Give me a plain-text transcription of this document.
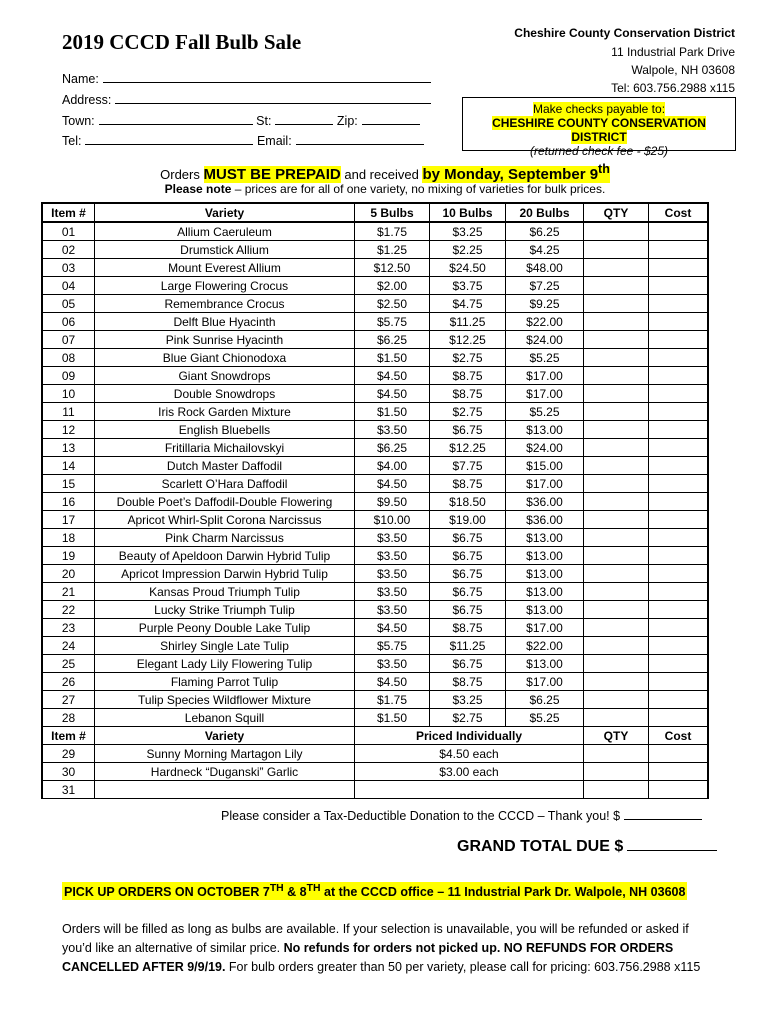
2019 CCCD Fall Bulb Sale	Cheshire County Conservation District
11 Industrial Park Drive
Walpole, NH 03608
Tel: 603.756.2988 x115
Name:
Address:
Town:	St:	Zip:
Tel:	Email:
Make checks payable to:
CHESHIRE COUNTY CONSERVATION DISTRICT
(returned check fee - $25)
Orders MUST BE PREPAID and received by Monday, September 9th
Please note – prices are for all of one variety, no mixing of varieties for bulk prices.
Item #	Variety	5 Bulbs	10 Bulbs	20 Bulbs	QTY	Cost
01	Allium Caeruleum	$1.75	$3.25	$6.25		
02	Drumstick Allium	$1.25	$2.25	$4.25		
03	Mount Everest Allium	$12.50	$24.50	$48.00		
04	Large Flowering Crocus	$2.00	$3.75	$7.25		
05	Remembrance Crocus	$2.50	$4.75	$9.25		
06	Delft Blue Hyacinth	$5.75	$11.25	$22.00		
07	Pink Sunrise Hyacinth	$6.25	$12.25	$24.00		
08	Blue Giant Chionodoxa	$1.50	$2.75	$5.25		
09	Giant Snowdrops	$4.50	$8.75	$17.00		
10	Double Snowdrops	$4.50	$8.75	$17.00		
11	Iris Rock Garden Mixture	$1.50	$2.75	$5.25		
12	English Bluebells	$3.50	$6.75	$13.00		
13	Fritillaria Michailovskyi	$6.25	$12.25	$24.00		
14	Dutch Master Daffodil	$4.00	$7.75	$15.00		
15	Scarlett O’Hara Daffodil	$4.50	$8.75	$17.00		
16	Double Poet’s Daffodil-Double Flowering	$9.50	$18.50	$36.00		
17	Apricot Whirl-Split Corona Narcissus	$10.00	$19.00	$36.00		
18	Pink Charm Narcissus	$3.50	$6.75	$13.00		
19	Beauty of Apeldoon Darwin Hybrid Tulip	$3.50	$6.75	$13.00		
20	Apricot Impression Darwin Hybrid Tulip	$3.50	$6.75	$13.00		
21	Kansas Proud Triumph Tulip	$3.50	$6.75	$13.00		
22	Lucky Strike Triumph Tulip	$3.50	$6.75	$13.00		
23	Purple Peony Double Lake Tulip	$4.50	$8.75	$17.00		
24	Shirley Single Late Tulip	$5.75	$11.25	$22.00		
25	Elegant Lady Lily Flowering Tulip	$3.50	$6.75	$13.00		
26	Flaming Parrot Tulip	$4.50	$8.75	$17.00		
27	Tulip Species Wildflower Mixture	$1.75	$3.25	$6.25		
28	Lebanon Squill	$1.50	$2.75	$5.25		
Item #	Variety	Priced Individually			QTY	Cost
29	Sunny Morning Martagon Lily	$4.50 each				
30	Hardneck “Duganski” Garlic	$3.00 each				
31						
Please consider a Tax-Deductible Donation to the CCCD – Thank you! $
GRAND TOTAL DUE $
PICK UP ORDERS ON OCTOBER 7TH & 8TH at the CCCD office – 11 Industrial Park Dr. Walpole, NH 03608
Orders will be filled as long as bulbs are available. If your selection is unavailable, you will be refunded or asked if you’d like an alternative of similar price. No refunds for orders not picked up. NO REFUNDS FOR ORDERS CANCELLED AFTER 9/9/19. For bulb orders greater than 50 per variety, please call for pricing: 603.756.2988 x115
